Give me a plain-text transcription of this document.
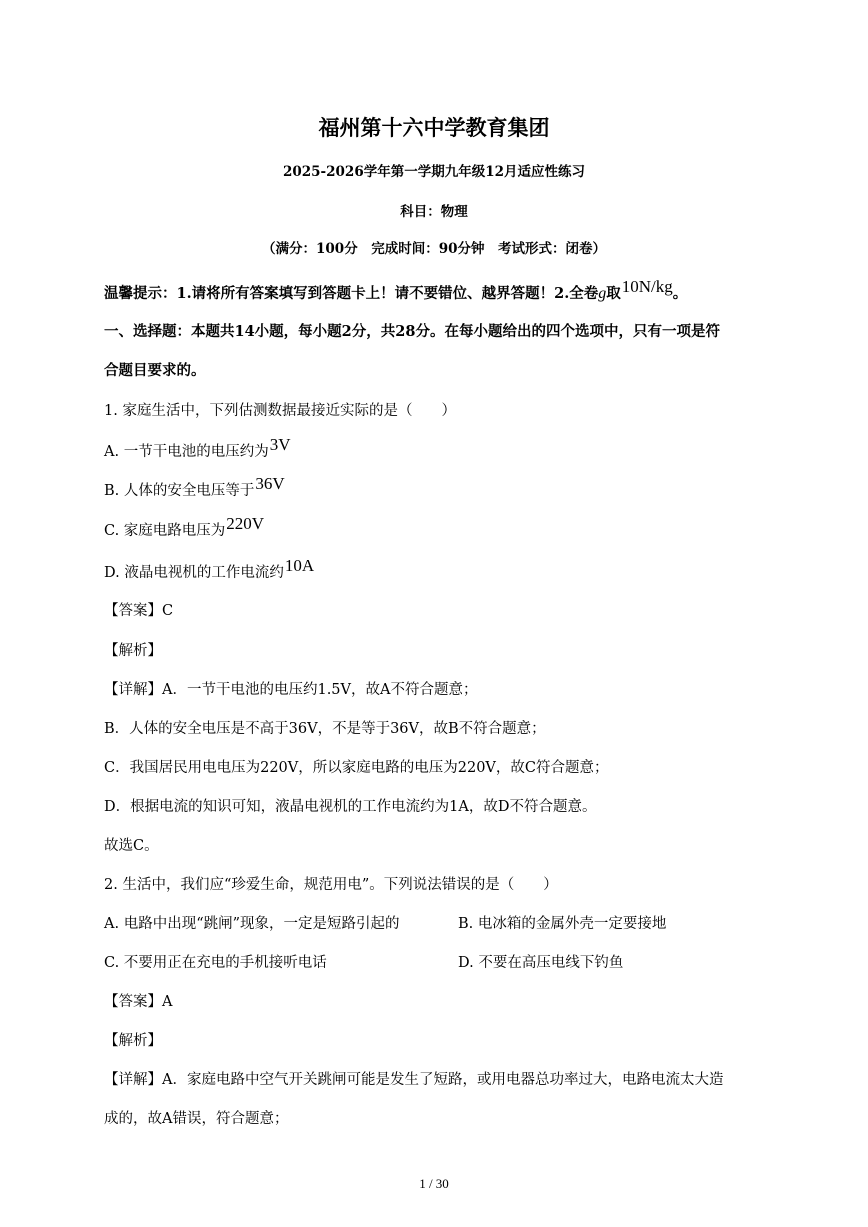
福州第十六中学教育集团
2025-2026学年第一学期九年级12月适应性练习
科目：物理
（满分：100分　完成时间：90分钟　考试形式：闭卷）
温馨提示：1.请将所有答案填写到答题卡上！请不要错位、越界答题！2.全卷g取10N/kg。
一、选择题：本题共14小题，每小题2分，共28分。在每小题给出的四个选项中，只有一项是符
合题目要求的。
1. 家庭生活中，下列估测数据最接近实际的是（　　）
A. 一节干电池的电压约为3V
B. 人体的安全电压等于36V
C. 家庭电路电压为220V
D. 液晶电视机的工作电流约10A
【答案】C
【解析】
【详解】A．一节干电池的电压约1.5V，故A不符合题意；
B．人体的安全电压是不高于36V，不是等于36V，故B不符合题意；
C．我国居民用电电压为220V，所以家庭电路的电压为220V，故C符合题意；
D．根据电流的知识可知，液晶电视机的工作电流约为1A，故D不符合题意。
故选C。
2. 生活中，我们应“珍爱生命，规范用电”。下列说法错误的是（　　）
A. 电路中出现“跳闸”现象，一定是短路引起的	B. 电冰箱的金属外壳一定要接地
C. 不要用正在充电的手机接听电话	D. 不要在高压电线下钓鱼
【答案】A
【解析】
【详解】A．家庭电路中空气开关跳闸可能是发生了短路，或用电器总功率过大，电路电流太大造
成的，故A错误，符合题意；
1 / 30
